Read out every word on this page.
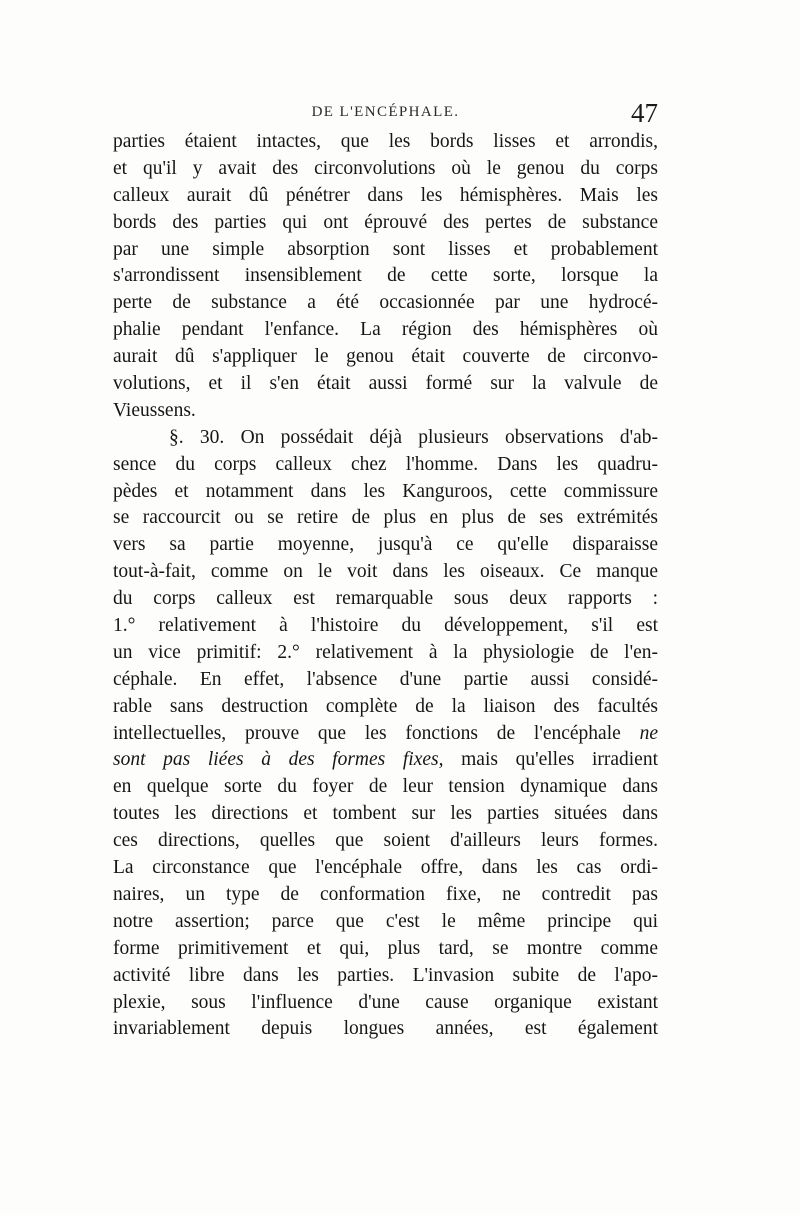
DE L'ENCÉPHALE.	47
parties étaient intactes, que les bords lisses et arrondis,
et qu'il y avait des circonvolutions où le genou du corps
calleux aurait dû pénétrer dans les hémisphères. Mais les
bords des parties qui ont éprouvé des pertes de substance
par une simple absorption sont lisses et probablement
s'arrondissent insensiblement de cette sorte, lorsque la
perte de substance a été occasionnée par une hydrocé-
phalie pendant l'enfance. La région des hémisphères où
aurait dû s'appliquer le genou était couverte de circonvo-
volutions, et il s'en était aussi formé sur la valvule de
Vieussens.
§. 30. On possédait déjà plusieurs observations d'ab-
sence du corps calleux chez l'homme. Dans les quadru-
pèdes et notamment dans les Kanguroos, cette commissure
se raccourcit ou se retire de plus en plus de ses extrémités
vers sa partie moyenne, jusqu'à ce qu'elle disparaisse
tout-à-fait, comme on le voit dans les oiseaux. Ce manque
du corps calleux est remarquable sous deux rapports :
1.° relativement à l'histoire du développement, s'il est
un vice primitif: 2.° relativement à la physiologie de l'en-
céphale. En effet, l'absence d'une partie aussi considé-
rable sans destruction complète de la liaison des facultés
intellectuelles, prouve que les fonctions de l'encéphale ne
sont pas liées à des formes fixes, mais qu'elles irradient
en quelque sorte du foyer de leur tension dynamique dans
toutes les directions et tombent sur les parties situées dans
ces directions, quelles que soient d'ailleurs leurs formes.
La circonstance que l'encéphale offre, dans les cas ordi-
naires, un type de conformation fixe, ne contredit pas
notre assertion; parce que c'est le même principe qui
forme primitivement et qui, plus tard, se montre comme
activité libre dans les parties. L'invasion subite de l'apo-
plexie, sous l'influence d'une cause organique existant
invariablement depuis longues années, est également
